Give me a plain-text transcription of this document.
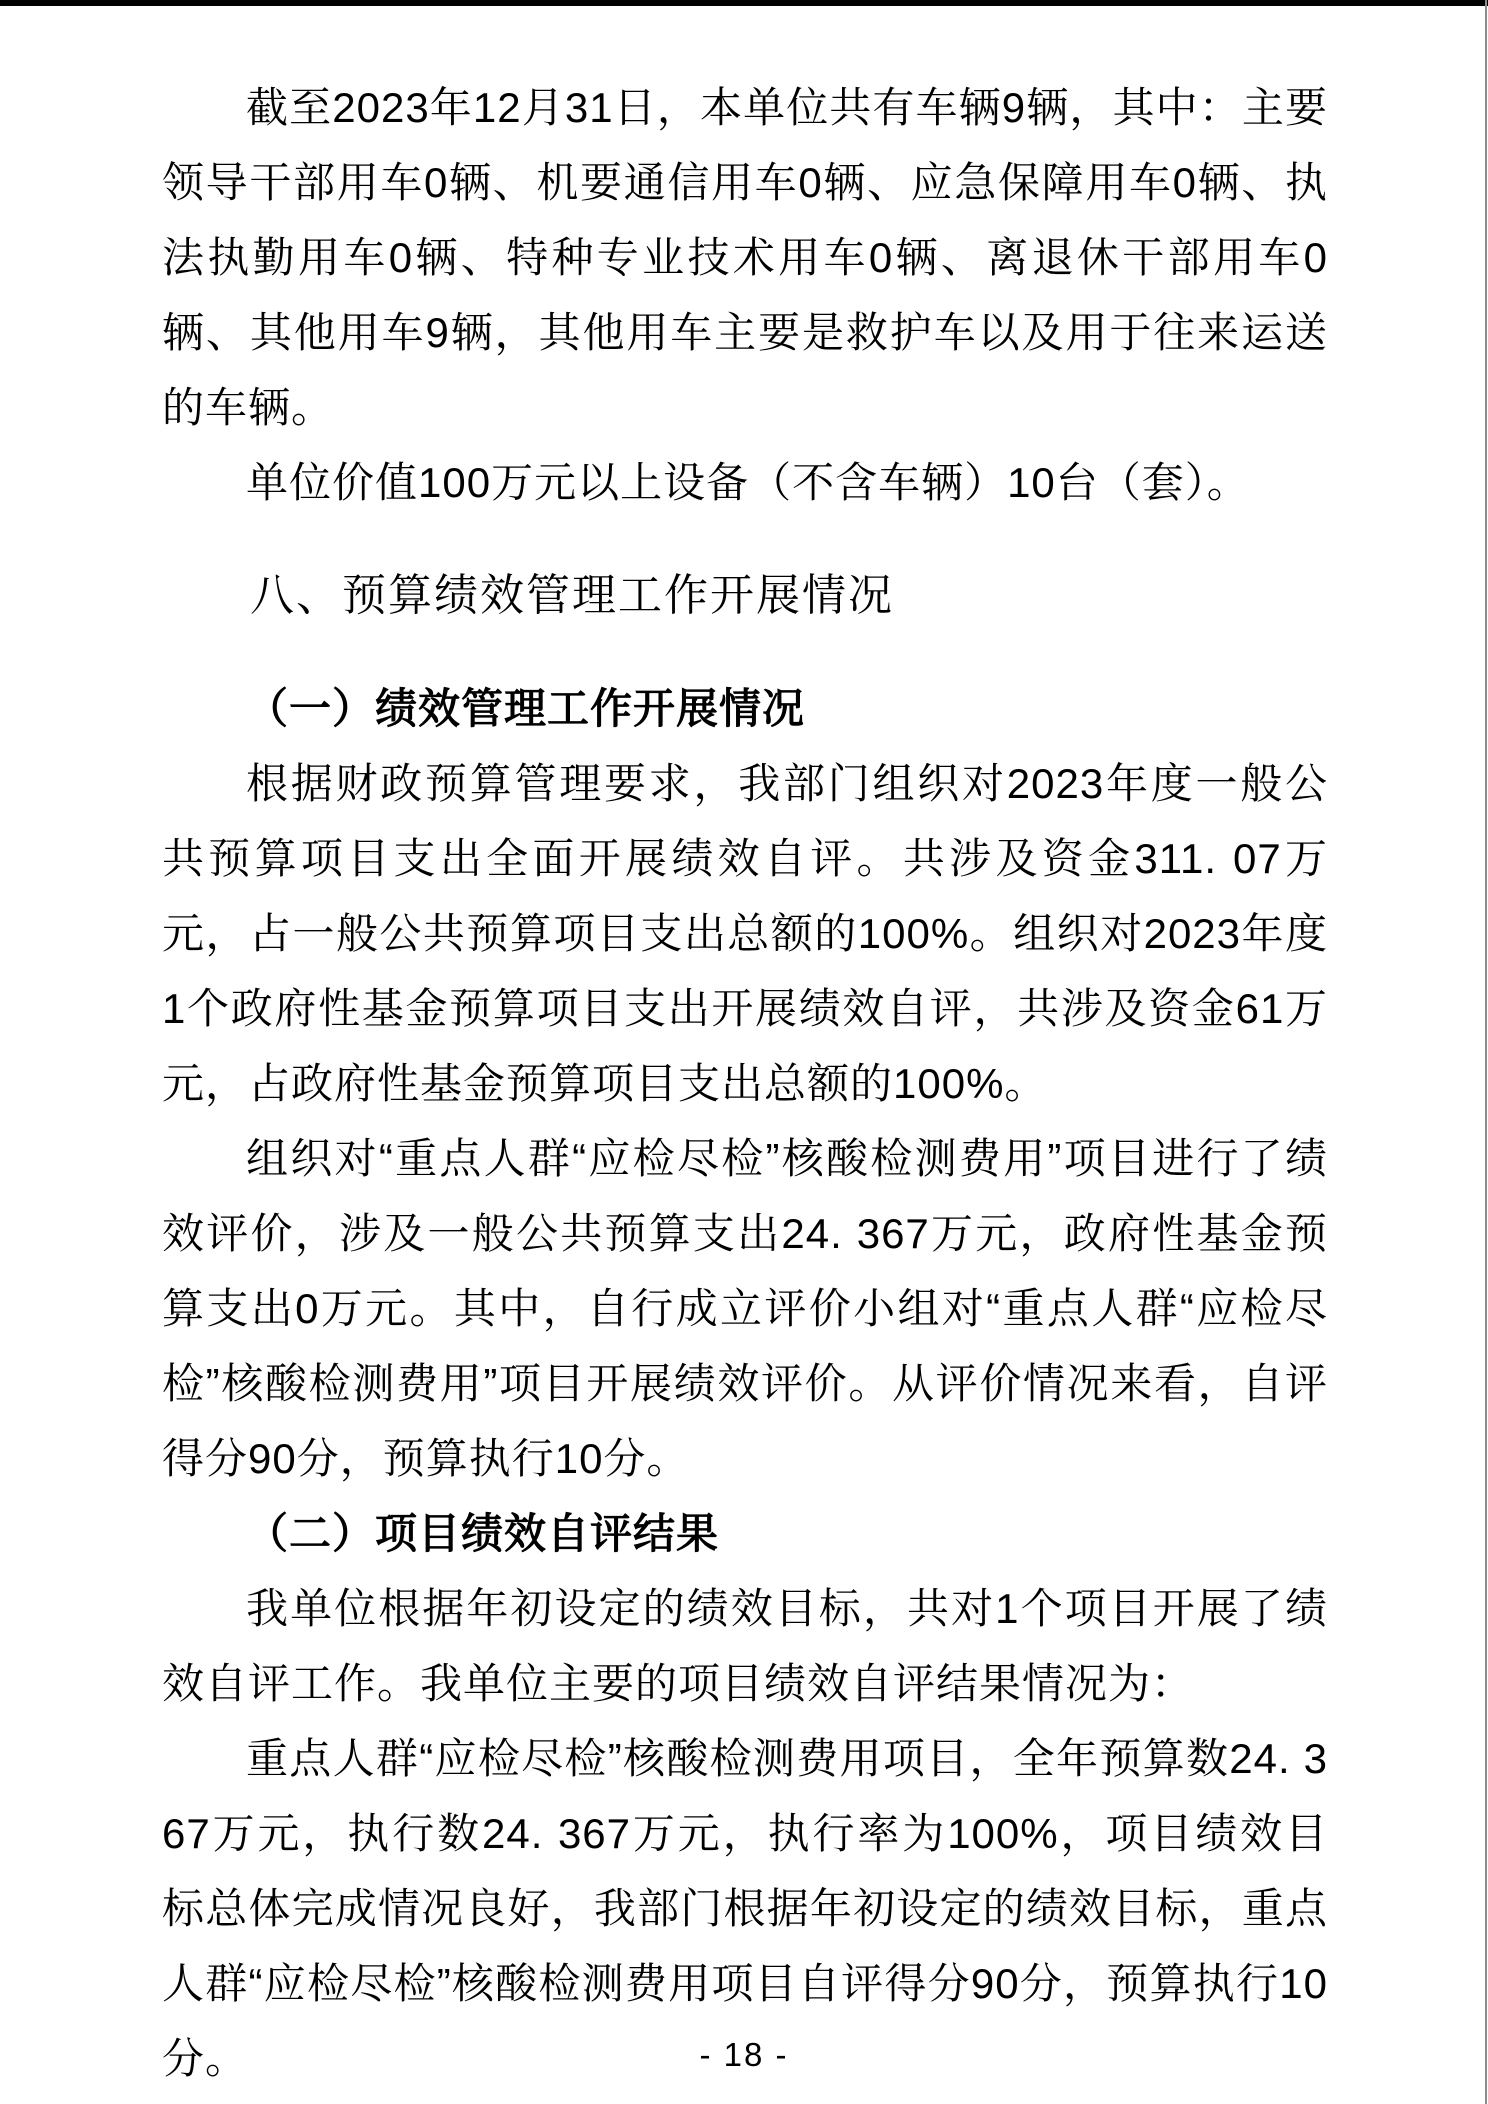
截至2023年12月31日，本单位共有车辆9辆，其中：主要领导干部用车0辆、机要通信用车0辆、应急保障用车0辆、执法执勤用车0辆、特种专业技术用车0辆、离退休干部用车0辆、其他用车9辆，其他用车主要是救护车以及用于往来运送的车辆。
单位价值100万元以上设备（不含车辆）10台（套）。
八、预算绩效管理工作开展情况
（一）绩效管理工作开展情况
根据财政预算管理要求，我部门组织对2023年度一般公共预算项目支出全面开展绩效自评。共涉及资金311. 07万元，占一般公共预算项目支出总额的100%。组织对2023年度1个政府性基金预算项目支出开展绩效自评，共涉及资金61万元，占政府性基金预算项目支出总额的100%。
组织对“重点人群“应检尽检”核酸检测费用”项目进行了绩效评价，涉及一般公共预算支出24. 367万元，政府性基金预算支出0万元。其中，自行成立评价小组对“重点人群“应检尽检”核酸检测费用”项目开展绩效评价。从评价情况来看，自评得分90分，预算执行10分。
（二）项目绩效自评结果
我单位根据年初设定的绩效目标，共对1个项目开展了绩效自评工作。我单位主要的项目绩效自评结果情况为：
重点人群“应检尽检”核酸检测费用项目，全年预算数24. 367万元，执行数24. 367万元，执行率为100%，项目绩效目标总体完成情况良好，我部门根据年初设定的绩效目标，重点人群“应检尽检”核酸检测费用项目自评得分90分，预算执行10分。	- 18 -
